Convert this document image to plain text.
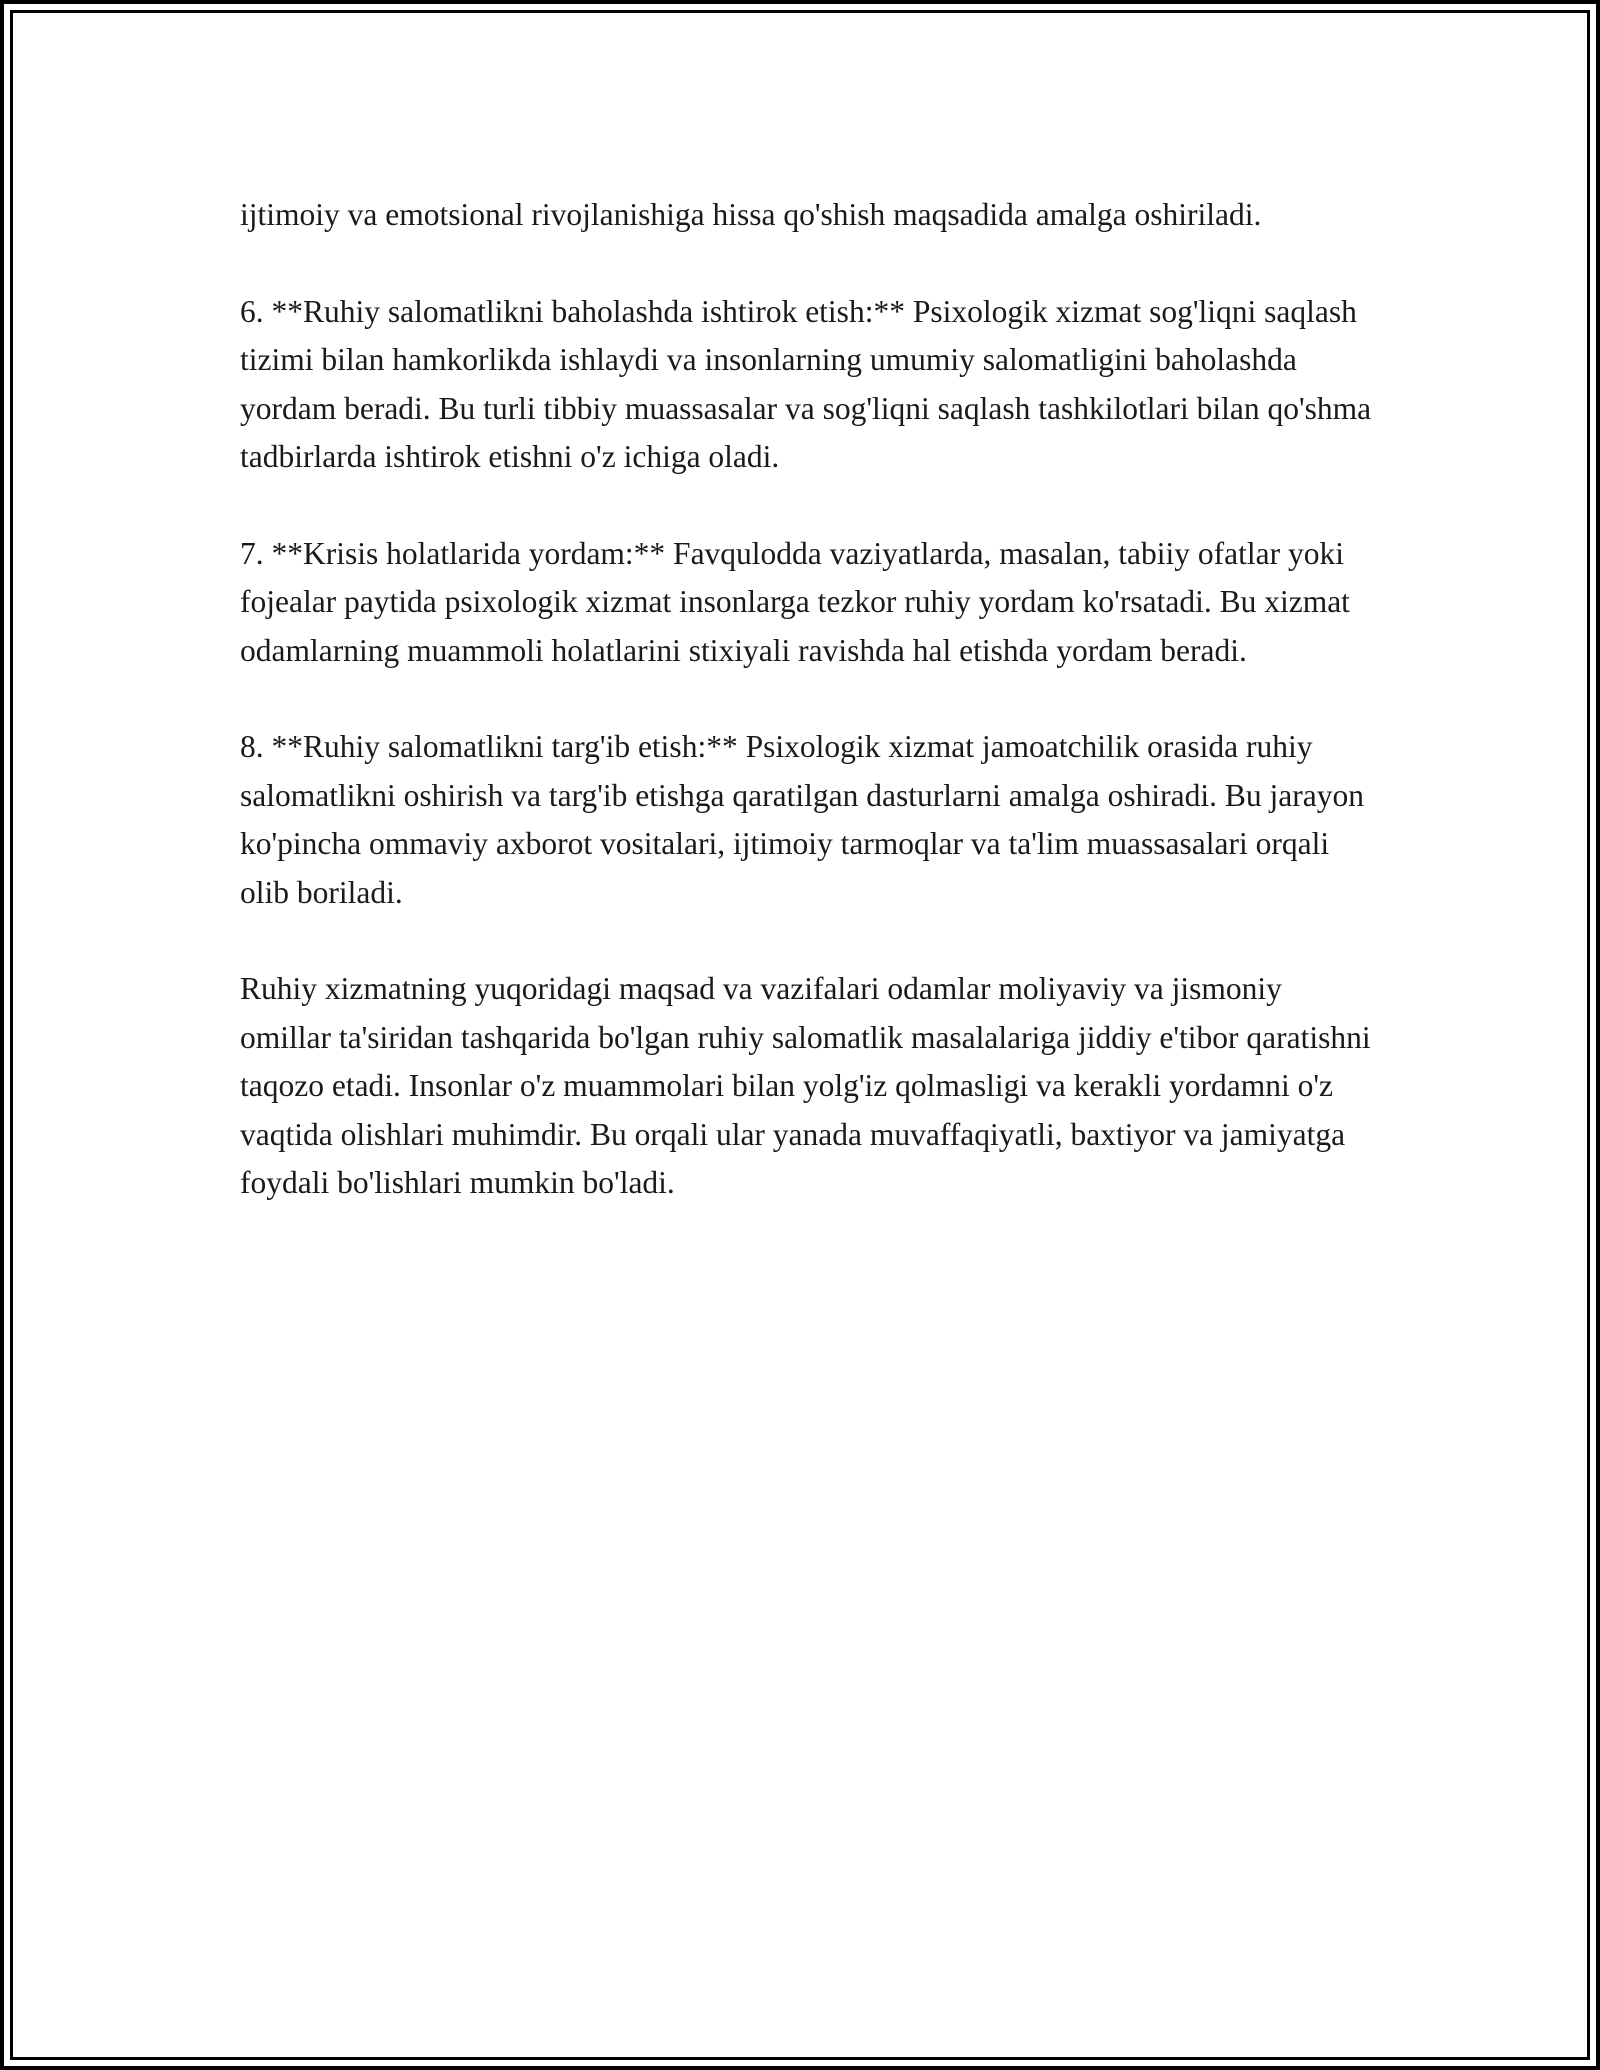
ijtimoiy va emotsional rivojlanishiga hissa qo'shish maqsadida amalga oshiriladi.

6. **Ruhiy salomatlikni baholashda ishtirok etish:** Psixologik xizmat sog'liqni saqlash tizimi bilan hamkorlikda ishlaydi va insonlarning umumiy salomatligini baholashda yordam beradi. Bu turli tibbiy muassasalar va sog'liqni saqlash tashkilotlari bilan qo'shma tadbirlarda ishtirok etishni o'z ichiga oladi.

7. **Krisis holatlarida yordam:** Favqulodda vaziyatlarda, masalan, tabiiy ofatlar yoki fojealar paytida psixologik xizmat insonlarga tezkor ruhiy yordam ko'rsatadi. Bu xizmat odamlarning muammoli holatlarini stixiyali ravishda hal etishda yordam beradi.

8. **Ruhiy salomatlikni targ'ib etish:** Psixologik xizmat jamoatchilik orasida ruhiy salomatlikni oshirish va targ'ib etishga qaratilgan dasturlarni amalga oshiradi. Bu jarayon ko'pincha ommaviy axborot vositalari, ijtimoiy tarmoqlar va ta'lim muassasalari orqali olib boriladi.

Ruhiy xizmatning yuqoridagi maqsad va vazifalari odamlar moliyaviy va jismoniy omillar ta'siridan tashqarida bo'lgan ruhiy salomatlik masalalariga jiddiy e'tibor qaratishni taqozo etadi. Insonlar o'z muammolari bilan yolg'iz qolmasligi va kerakli yordamni o'z vaqtida olishlari muhimdir. Bu orqali ular yanada muvaffaqiyatli, baxtiyor va jamiyatga foydali bo'lishlari mumkin bo'ladi.
